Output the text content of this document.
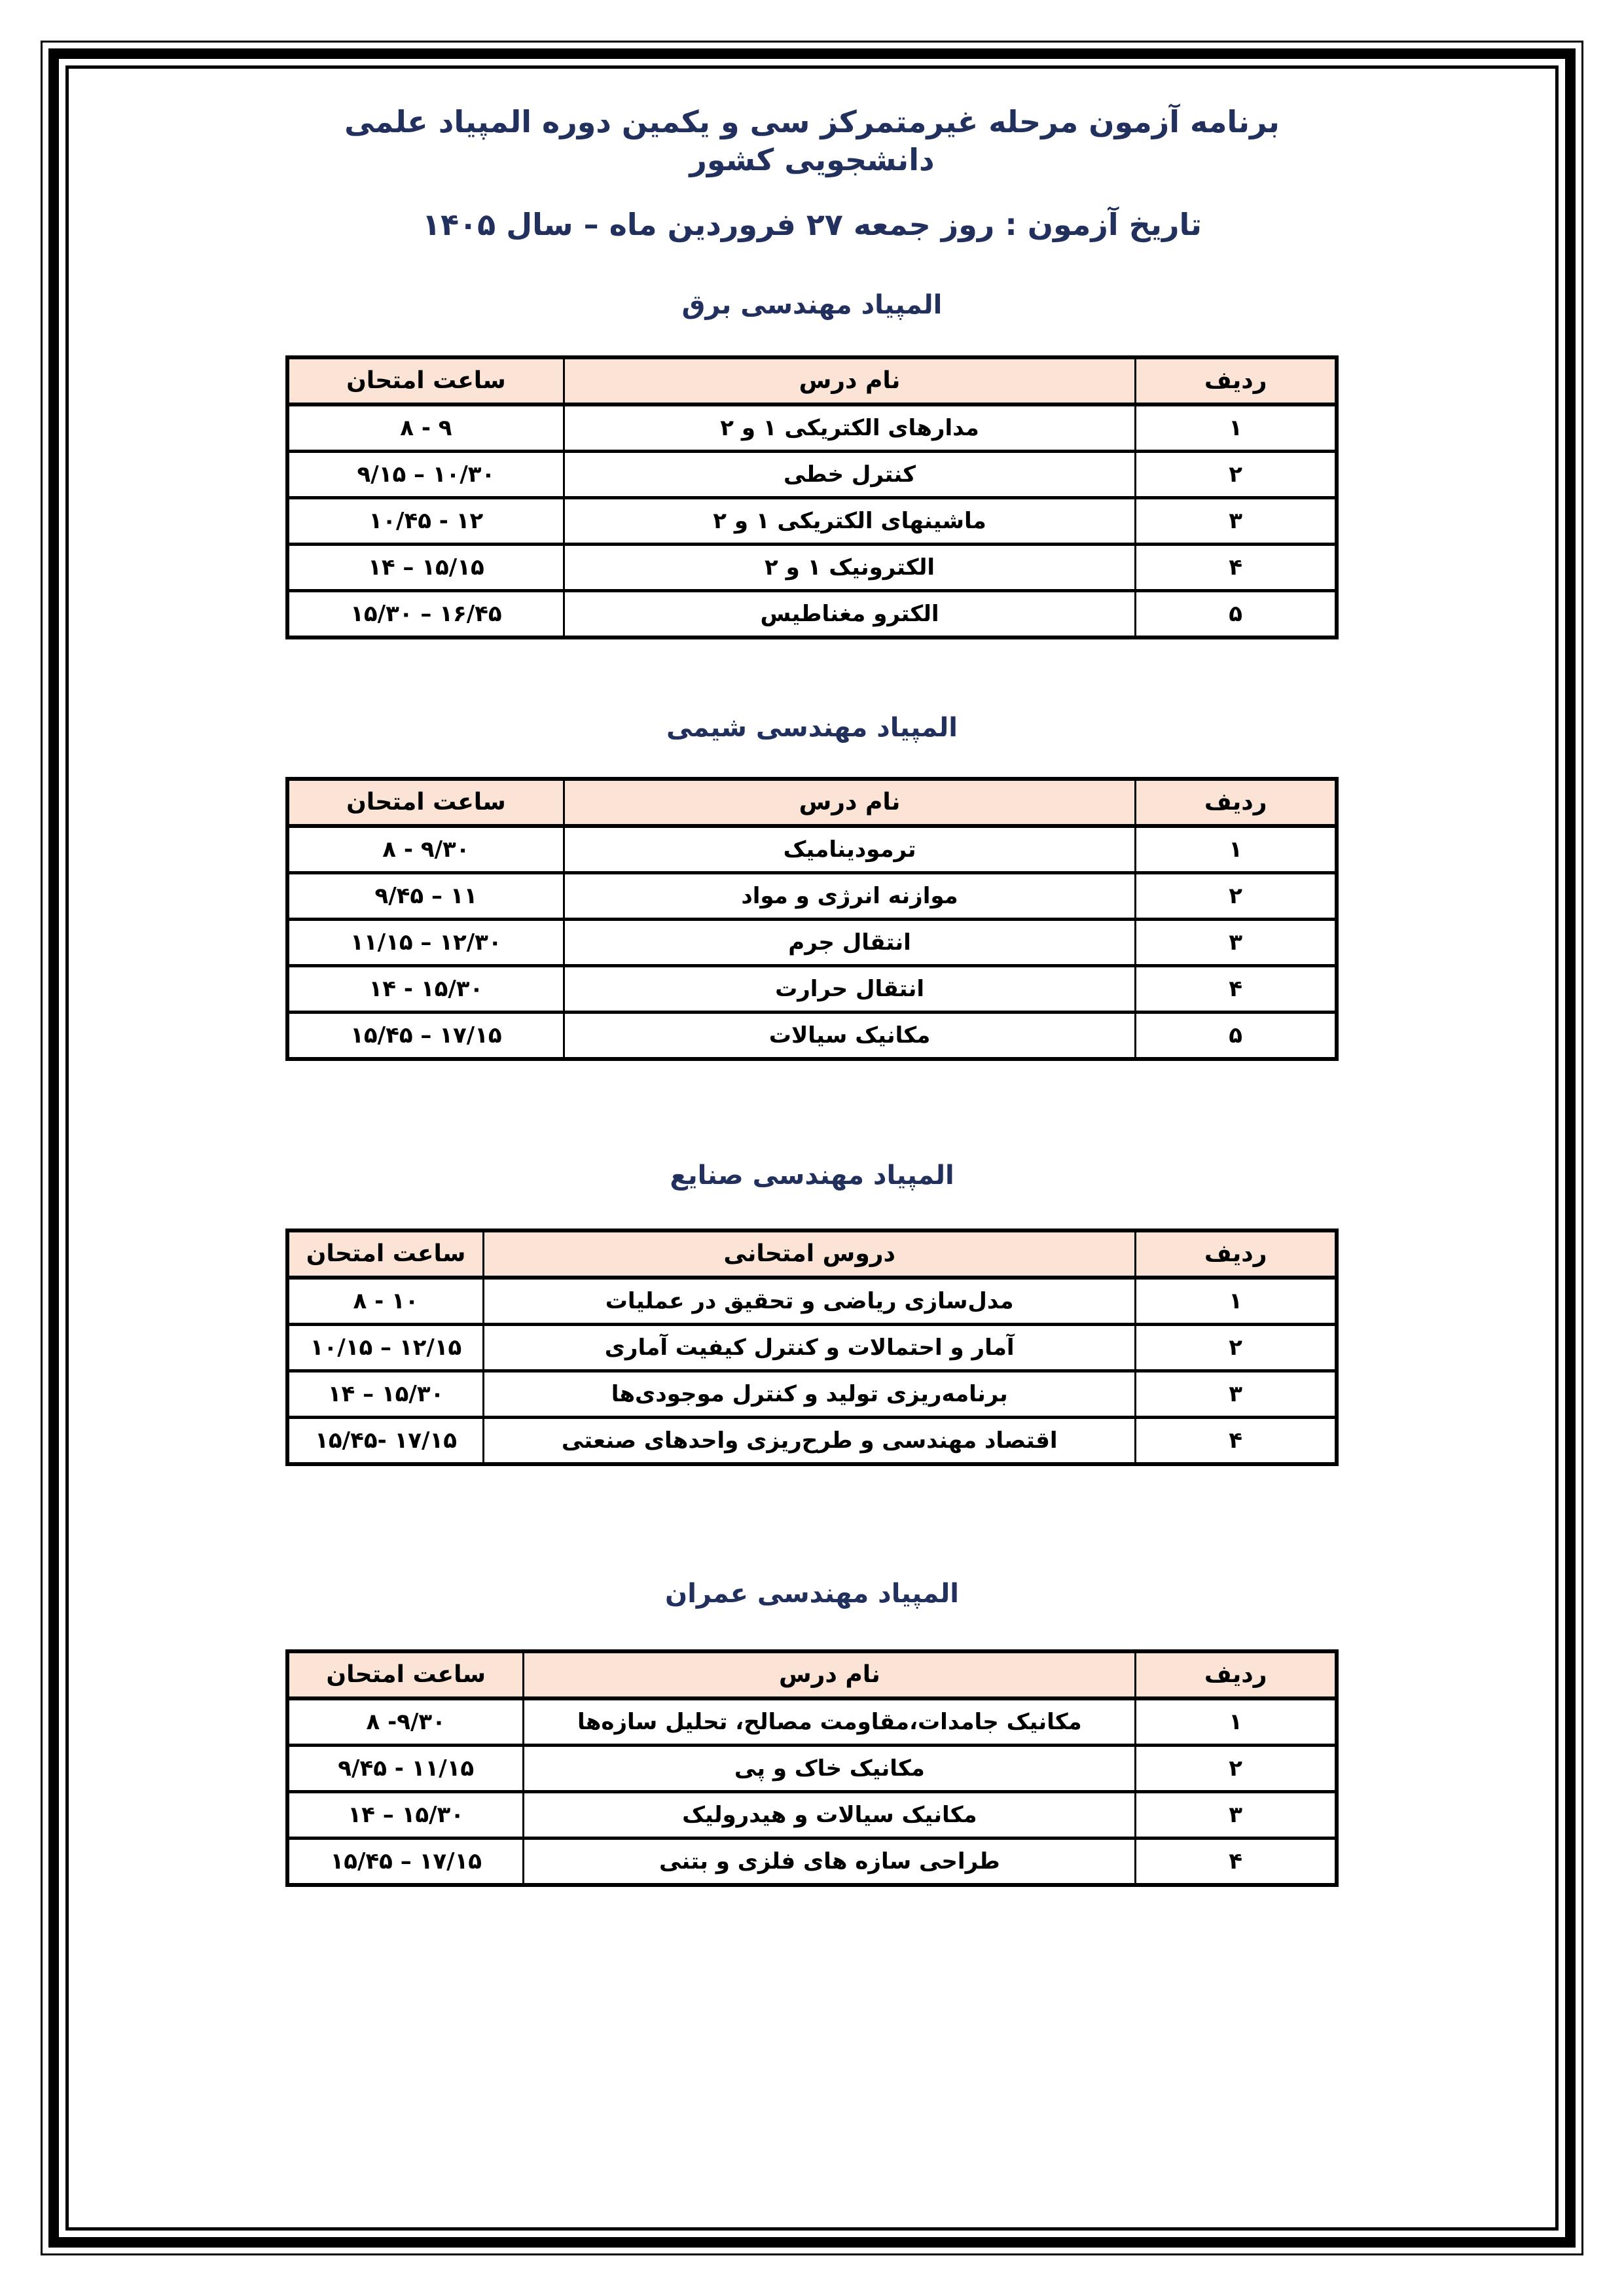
برنامه آزمون مرحله غیرمتمرکز سی و یکمین دوره المپیاد علمی دانشجویی کشور

تاریخ آزمون : روز جمعه ۲۷ فروردین ماه – سال ۱۴۰۵

المپیاد مهندسی برق
ردیف	نام درس	ساعت امتحان
۱	مدارهای الکتریکی ۱ و ۲	۸ - ۹
۲	کنترل خطی	۹/۱۵ – ۱۰/۳۰
۳	ماشینهای الکتریکی ۱ و ۲	۱۰/۴۵ - ۱۲
۴	الکترونیک ۱ و ۲	۱۴ – ۱۵/۱۵
۵	الکترو مغناطیس	۱۵/۳۰ – ۱۶/۴۵
المپیاد مهندسی شیمی
ردیف	نام درس	ساعت امتحان
۱	ترمودینامیک	۸ - ۹/۳۰
۲	موازنه انرژی و مواد	۹/۴۵ – ۱۱
۳	انتقال جرم	۱۱/۱۵ – ۱۲/۳۰
۴	انتقال حرارت	۱۴ - ۱۵/۳۰
۵	مکانیک سیالات	۱۵/۴۵ – ۱۷/۱۵
المپیاد مهندسی صنایع
ردیف	دروس امتحانی	ساعت امتحان
۱	مدل‌سازی ریاضی و تحقیق در عملیات	۸ - ۱۰
۲	آمار و احتمالات و کنترل کیفیت آماری	۱۰/۱۵ – ۱۲/۱۵
۳	برنامه‌ریزی تولید و کنترل موجودی‌ها	۱۴ – ۱۵/۳۰
۴	اقتصاد مهندسی و طرح‌ریزی واحدهای صنعتی	۱۵/۴۵- ۱۷/۱۵
المپیاد مهندسی عمران
ردیف	نام درس	ساعت امتحان
۱	مکانیک جامدات،مقاومت مصالح، تحلیل سازه‌ها	۸ -۹/۳۰
۲	مکانیک خاک و پی	۹/۴۵ - ۱۱/۱۵
۳	مکانیک سیالات و هیدرولیک	۱۴ – ۱۵/۳۰
۴	طراحی سازه های فلزی و بتنی	۱۵/۴۵ – ۱۷/۱۵
